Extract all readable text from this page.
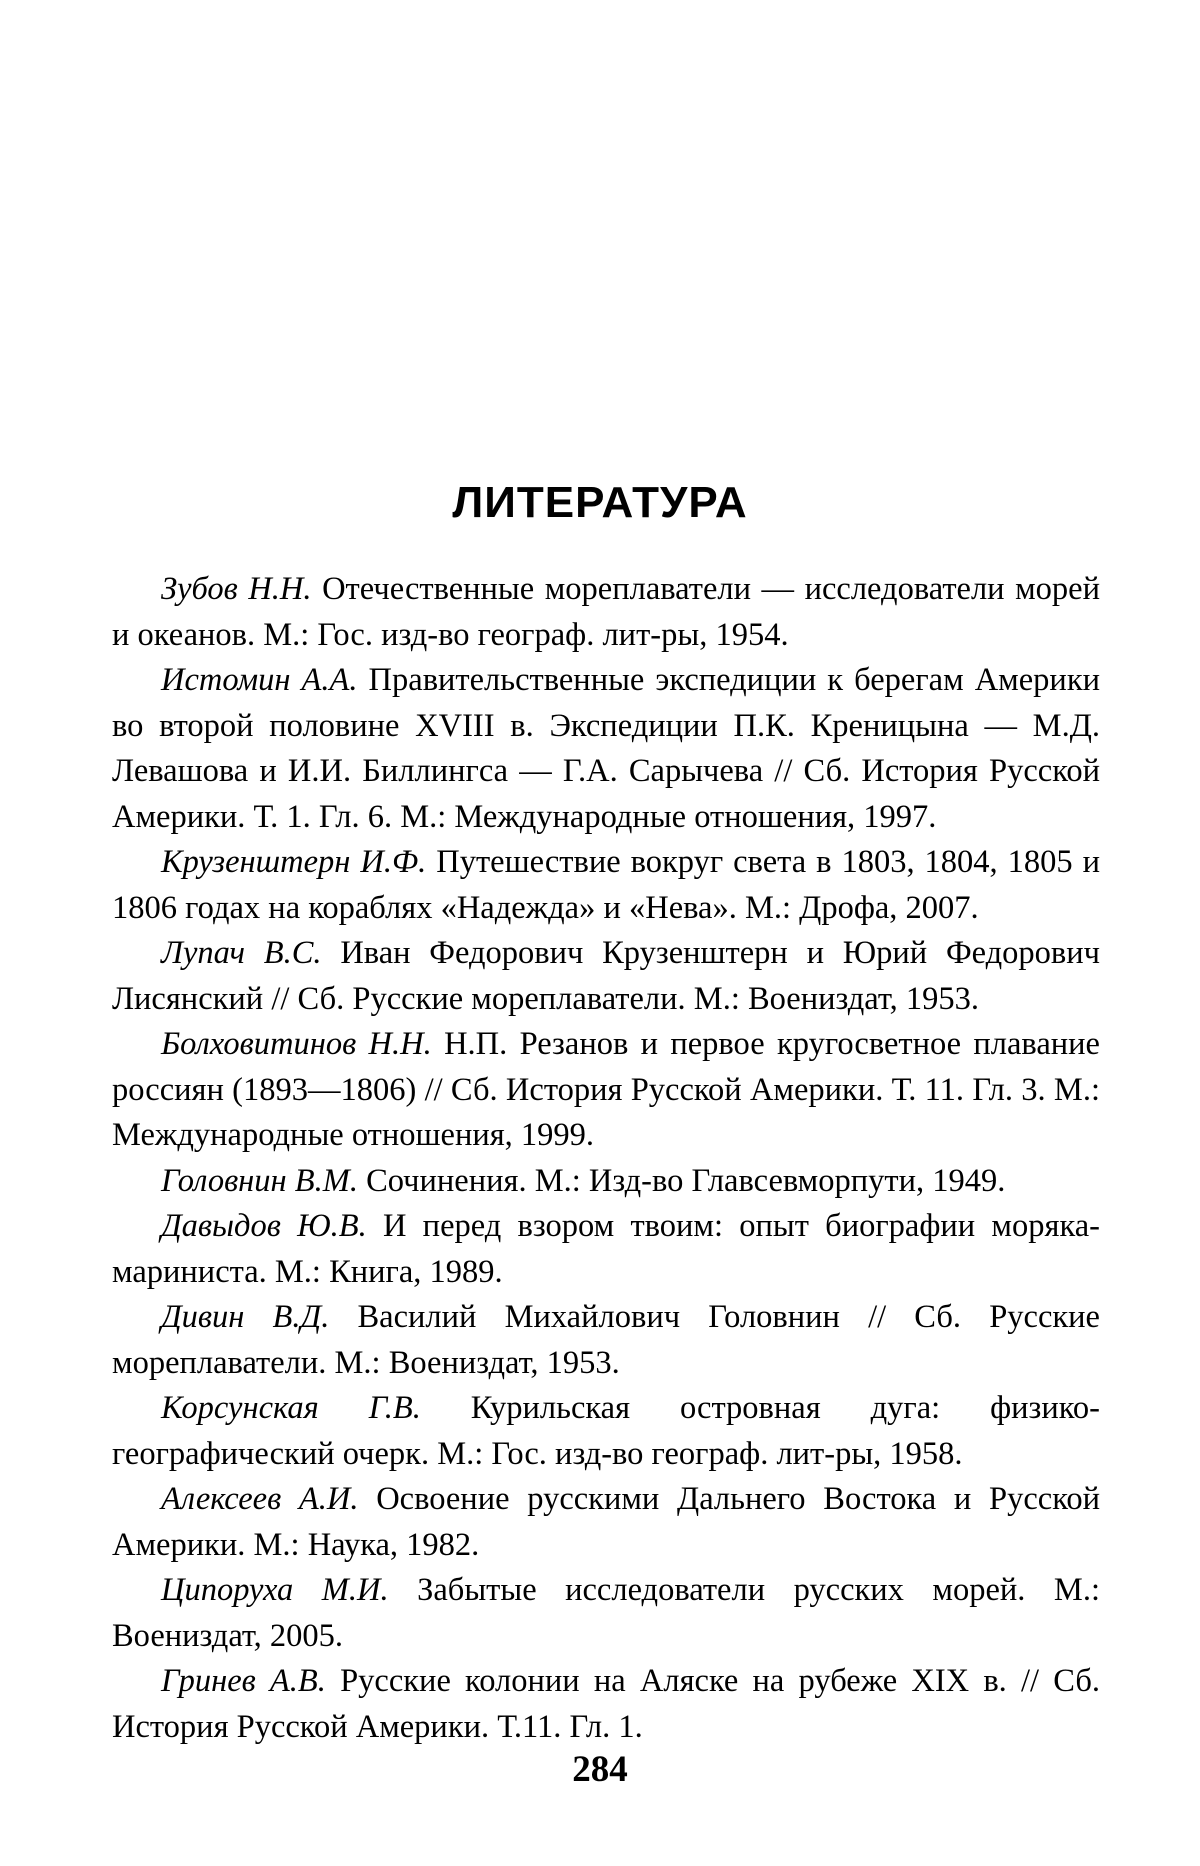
ЛИТЕРАТУРА
Зубов Н.Н. Отечественные мореплаватели — исследователи морей и океанов. М.: Гос. изд-во географ. лит-ры, 1954.
Истомин А.А. Правительственные экспедиции к берегам Америки во второй половине XVIII в. Экспедиции П.К. Креницына — М.Д. Левашова и И.И. Биллингса — Г.А. Сарычева // Сб. История Русской Америки. Т. 1. Гл. 6. М.: Международные отношения, 1997.
Крузенштерн И.Ф. Путешествие вокруг света в 1803, 1804, 1805 и 1806 годах на кораблях «Надежда» и «Нева». М.: Дрофа, 2007.
Лупач В.С. Иван Федорович Крузенштерн и Юрий Федорович Лисянский // Сб. Русские мореплаватели. М.: Воениздат, 1953.
Болховитинов Н.Н. Н.П. Резанов и первое кругосветное плавание россиян (1893—1806) // Сб. История Русской Америки. Т. 11. Гл. 3. М.: Международные отношения, 1999.
Головнин В.М. Сочинения. М.: Изд-во Главсевморпути, 1949.
Давыдов Ю.В. И перед взором твоим: опыт биографии моряка-мариниста. М.: Книга, 1989.
Дивин В.Д. Василий Михайлович Головнин // Сб. Русские мореплаватели. М.: Воениздат, 1953.
Корсунская Г.В. Курильская островная дуга: физико-географический очерк. М.: Гос. изд-во географ. лит-ры, 1958.
Алексеев А.И. Освоение русскими Дальнего Востока и Русской Америки. М.: Наука, 1982.
Ципоруха М.И. Забытые исследователи русских морей. М.: Воениздат, 2005.
Гринев А.В. Русские колонии на Аляске на рубеже XIX в. // Сб. История Русской Америки. Т.11. Гл. 1.
284
